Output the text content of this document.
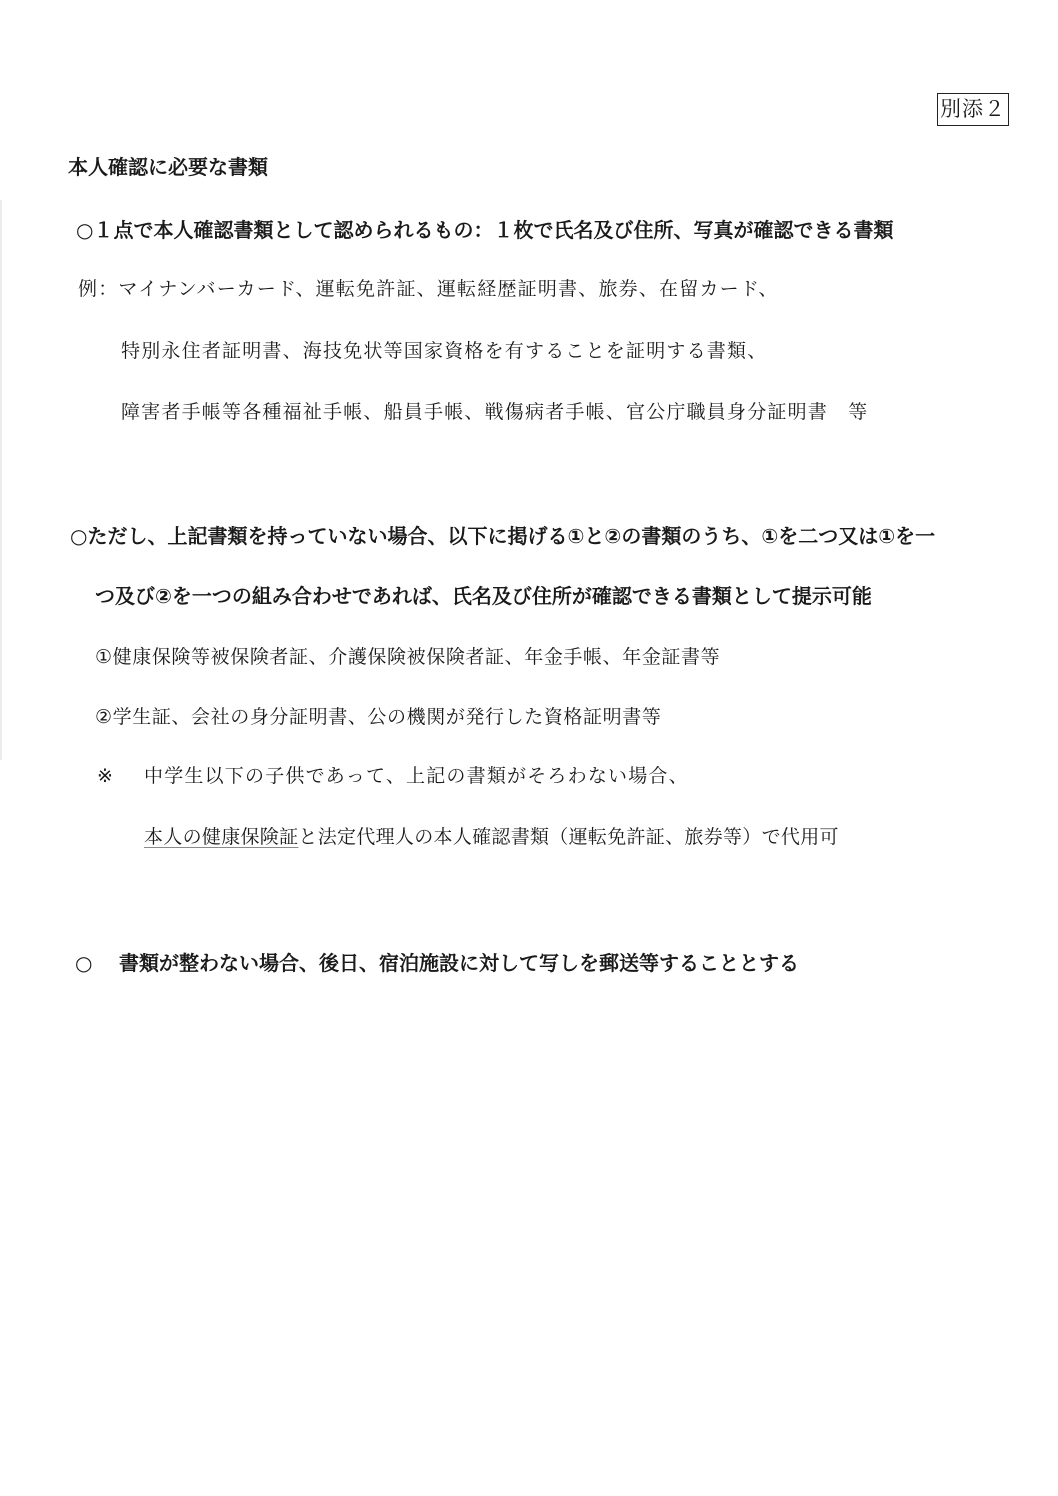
別添２
本人確認に必要な書類
○１点で本人確認書類として認められるもの：１枚で氏名及び住所、写真が確認できる書類
例：マイナンバーカード、運転免許証、運転経歴証明書、旅券、在留カード、
特別永住者証明書、海技免状等国家資格を有することを証明する書類、
障害者手帳等各種福祉手帳、船員手帳、戦傷病者手帳、官公庁職員身分証明書　等
○ただし、上記書類を持っていない場合、以下に掲げる①と②の書類のうち、①を二つ又は①を一
つ及び②を一つの組み合わせであれば、氏名及び住所が確認できる書類として提示可能
①健康保険等被保険者証、介護保険被保険者証、年金手帳、年金証書等
②学生証、会社の身分証明書、公の機関が発行した資格証明書等
※ 中学生以下の子供であって、上記の書類がそろわない場合、
本人の健康保険証と法定代理人の本人確認書類（運転免許証、旅券等）で代用可
○ 書類が整わない場合、後日、宿泊施設に対して写しを郵送等することとする
